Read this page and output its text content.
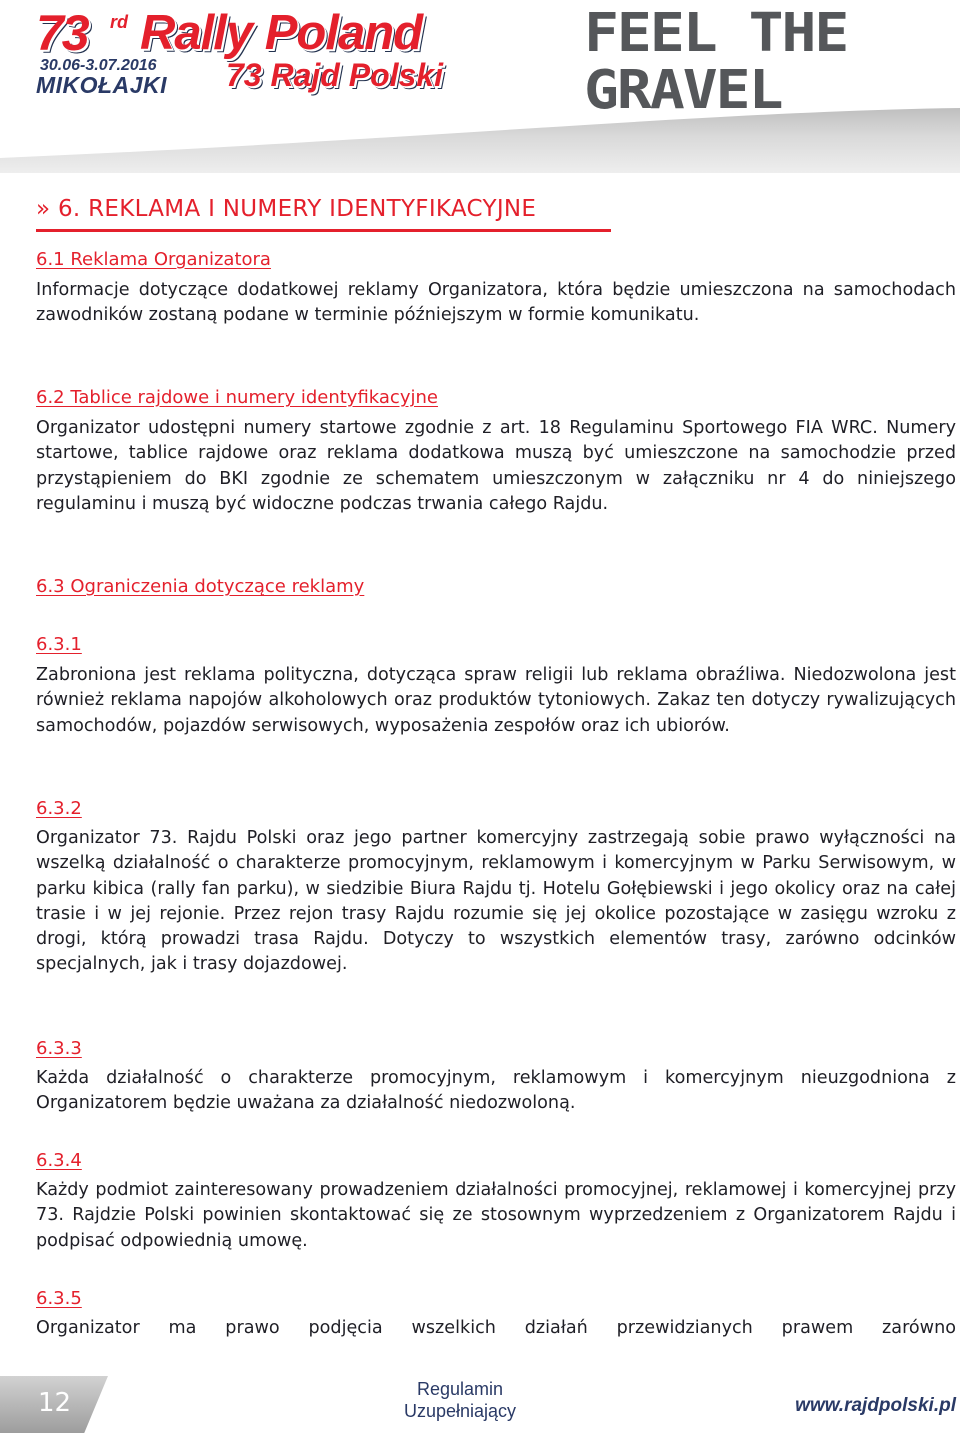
73 rd Rally Poland
30.06-3.07.2016
MIKOŁAJKI 73 Rajd Polski
FEEL THE GRAVEL
» 6. REKLAMA I NUMERY IDENTYFIKACYJNE
6.1 Reklama Organizatora
Informacje dotyczące dodatkowej reklamy Organizatora, która będzie umieszczona na samochodach zawodników zostaną podane w terminie późniejszym w formie komunikatu.
6.2 Tablice rajdowe i numery identyfikacyjne
Organizator udostępni numery startowe zgodnie z art. 18 Regulaminu Sportowego FIA WRC. Numery startowe, tablice rajdowe oraz reklama dodatkowa muszą być umieszczone na samochodzie przed przystąpieniem do BKI zgodnie ze schematem umieszczonym w załączniku nr 4 do niniejszego regulaminu i muszą być widoczne podczas trwania całego Rajdu.
6.3 Ograniczenia dotyczące reklamy
6.3.1
Zabroniona jest reklama polityczna, dotycząca spraw religii lub reklama obraźliwa. Niedozwolona jest również reklama napojów alkoholowych oraz produktów tytoniowych. Zakaz ten dotyczy rywalizujących samochodów, pojazdów serwisowych, wyposażenia zespołów oraz ich ubiorów.
6.3.2
Organizator 73. Rajdu Polski oraz jego partner komercyjny zastrzegają sobie prawo wyłączności na wszelką działalność o charakterze promocyjnym, reklamowym i komercyjnym w Parku Serwisowym, w parku kibica (rally fan parku), w siedzibie Biura Rajdu tj. Hotelu Gołębiewski i jego okolicy oraz na całej trasie i w jej rejonie. Przez rejon trasy Rajdu rozumie się jej okolice pozostające w zasięgu wzroku z drogi, którą prowadzi trasa Rajdu. Dotyczy to wszystkich elementów trasy, zarówno odcinków specjalnych, jak i trasy dojazdowej.
6.3.3
Każda działalność o charakterze promocyjnym, reklamowym i komercyjnym nieuzgodniona z Organizatorem będzie uważana za działalność niedozwoloną.
6.3.4
Każdy podmiot zainteresowany prowadzeniem działalności promocyjnej, reklamowej i komercyjnej przy 73. Rajdzie Polski powinien skontaktować się ze stosownym wyprzedzeniem z Organizatorem Rajdu i podpisać odpowiednią umowę.
6.3.5
Organizator ma prawo podjęcia wszelkich działań przewidzianych prawem zarówno
12	Regulamin
Uzupełniający	www.rajdpolski.pl
